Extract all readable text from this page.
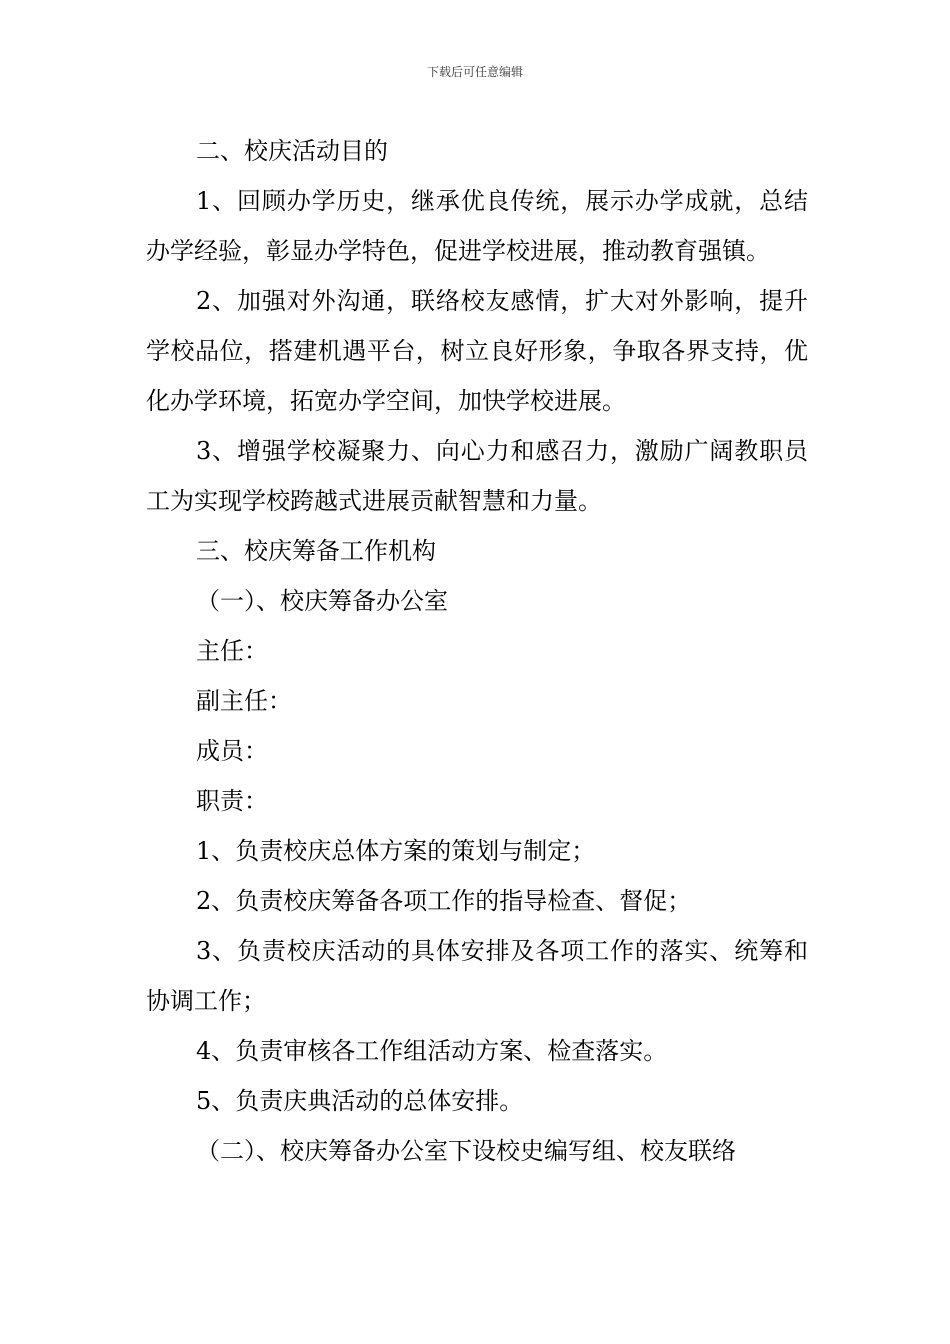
下载后可任意编辑

二、校庆活动目的

1、回顾办学历史，继承优良传统，展示办学成就，总结办学经验，彰显办学特色，促进学校进展，推动教育强镇。

2、加强对外沟通，联络校友感情，扩大对外影响，提升学校品位，搭建机遇平台，树立良好形象，争取各界支持，优化办学环境，拓宽办学空间，加快学校进展。

3、增强学校凝聚力、向心力和感召力，激励广阔教职员工为实现学校跨越式进展贡献智慧和力量。

三、校庆筹备工作机构

（一）、校庆筹备办公室

主任：

副主任：

成员：

职责：

1、负责校庆总体方案的策划与制定；

2、负责校庆筹备各项工作的指导检查、督促；

3、负责校庆活动的具体安排及各项工作的落实、统筹和协调工作；

4、负责审核各工作组活动方案、检查落实。

5、负责庆典活动的总体安排。

（二）、校庆筹备办公室下设校史编写组、校友联络
